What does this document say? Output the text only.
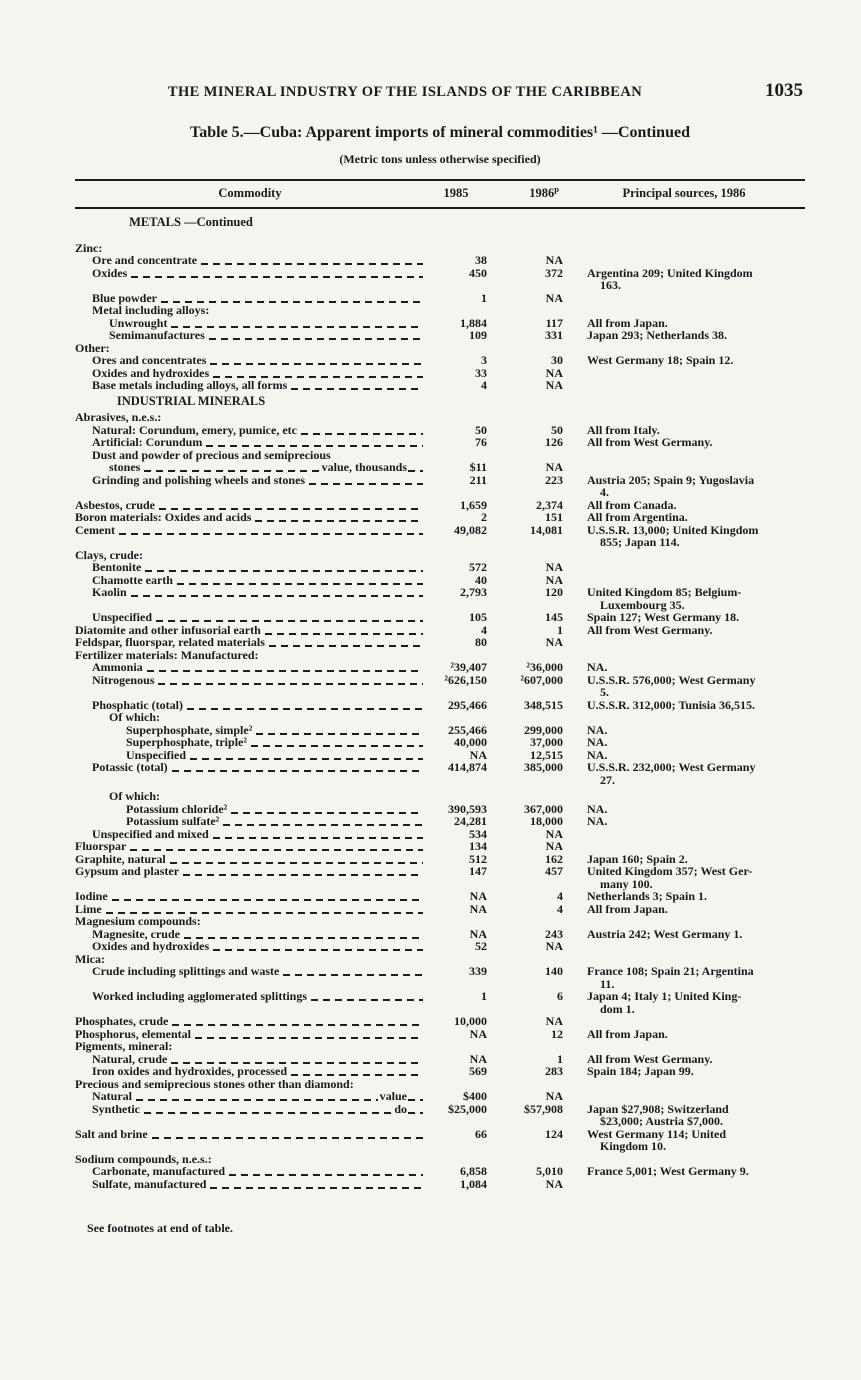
THE MINERAL INDUSTRY OF THE ISLANDS OF THE CARIBBEAN	1035
Table 5.—Cuba: Apparent imports of mineral commodities¹ —Continued
(Metric tons unless otherwise specified)
Commodity	1985	1986$^p$	Principal sources, 1986
METALS —Continued
Zinc:
Ore and concentrate	38	NA
Oxides	450	372 Argentina 209; United Kingdom
163.
Blue powder	1	NA
Metal including alloys:
Unwrought	1,884	117 All from Japan.
Semimanufactures	109	331 Japan 293; Netherlands 38.
Other:
Ores and concentrates	3	30 West Germany 18; Spain 12.
Oxides and hydroxides	33	NA
Base metals including alloys, all forms	4	NA
INDUSTRIAL MINERALS
Abrasives, n.e.s.:
Natural: Corundum, emery, pumice, etc	50	50 All from Italy.
Artificial: Corundum	76	126 All from West Germany.
Dust and powder of precious and semiprecious
stones	value, thousands	$11	NA
Grinding and polishing wheels and stones	211	223 Austria 205; Spain 9; Yugoslavia
4.
Asbestos, crude	1,659	2,374 All from Canada.
Boron materials: Oxides and acids	2	151 All from Argentina.
Cement	49,082	14,081 U.S.S.R. 13,000; United Kingdom
855; Japan 114.
Clays, crude:
Bentonite	572	NA
Chamotte earth	40	NA
Kaolin	2,793	120 United Kingdom 85; Belgium-
Luxembourg 35.
Unspecified	105	145 Spain 127; West Germany 18.
Diatomite and other infusorial earth	4	1 All from West Germany.
Feldspar, fluorspar, related materials	80	NA
Fertilizer materials: Manufactured:
Ammonia	²39,407	²36,000 NA.
Nitrogenous	²626,150	²607,000 U.S.S.R. 576,000; West Germany
5.
Phosphatic (total)	295,466	348,515 U.S.S.R. 312,000; Tunisia 36,515.
Of which:
Superphosphate, simple²	255,466	299,000 NA.
Superphosphate, triple²	40,000	37,000 NA.
Unspecified	NA	12,515 NA.
Potassic (total)	414,874	385,000 U.S.S.R. 232,000; West Germany
27.
Of which:
Potassium chloride²	390,593	367,000 NA.
Potassium sulfate²	24,281	18,000 NA.
Unspecified and mixed	534	NA
Fluorspar	134	NA
Graphite, natural	512	162 Japan 160; Spain 2.
Gypsum and plaster	147	457 United Kingdom 357; West Ger-
many 100.
Iodine	NA	4 Netherlands 3; Spain 1.
Lime	NA	4 All from Japan.
Magnesium compounds:
Magnesite, crude	NA	243 Austria 242; West Germany 1.
Oxides and hydroxides	52	NA
Mica:
Crude including splittings and waste	339	140 France 108; Spain 21; Argentina
11.
Worked including agglomerated splittings	1	6 Japan 4; Italy 1; United King-
dom 1.
Phosphates, crude	10,000	NA
Phosphorus, elemental	NA	12 All from Japan.
Pigments, mineral:
Natural, crude	NA	1 All from West Germany.
Iron oxides and hydroxides, processed	569	283 Spain 184; Japan 99.
Precious and semiprecious stones other than diamond:
Natural	value	$400	NA
Synthetic	do	$25,000	$57,908 Japan $27,908; Switzerland
$23,000; Austria $7,000.
Salt and brine	66	124 West Germany 114; United
Kingdom 10.
Sodium compounds, n.e.s.:
Carbonate, manufactured	6,858	5,010 France 5,001; West Germany 9.
Sulfate, manufactured	1,084	NA
See footnotes at end of table.
